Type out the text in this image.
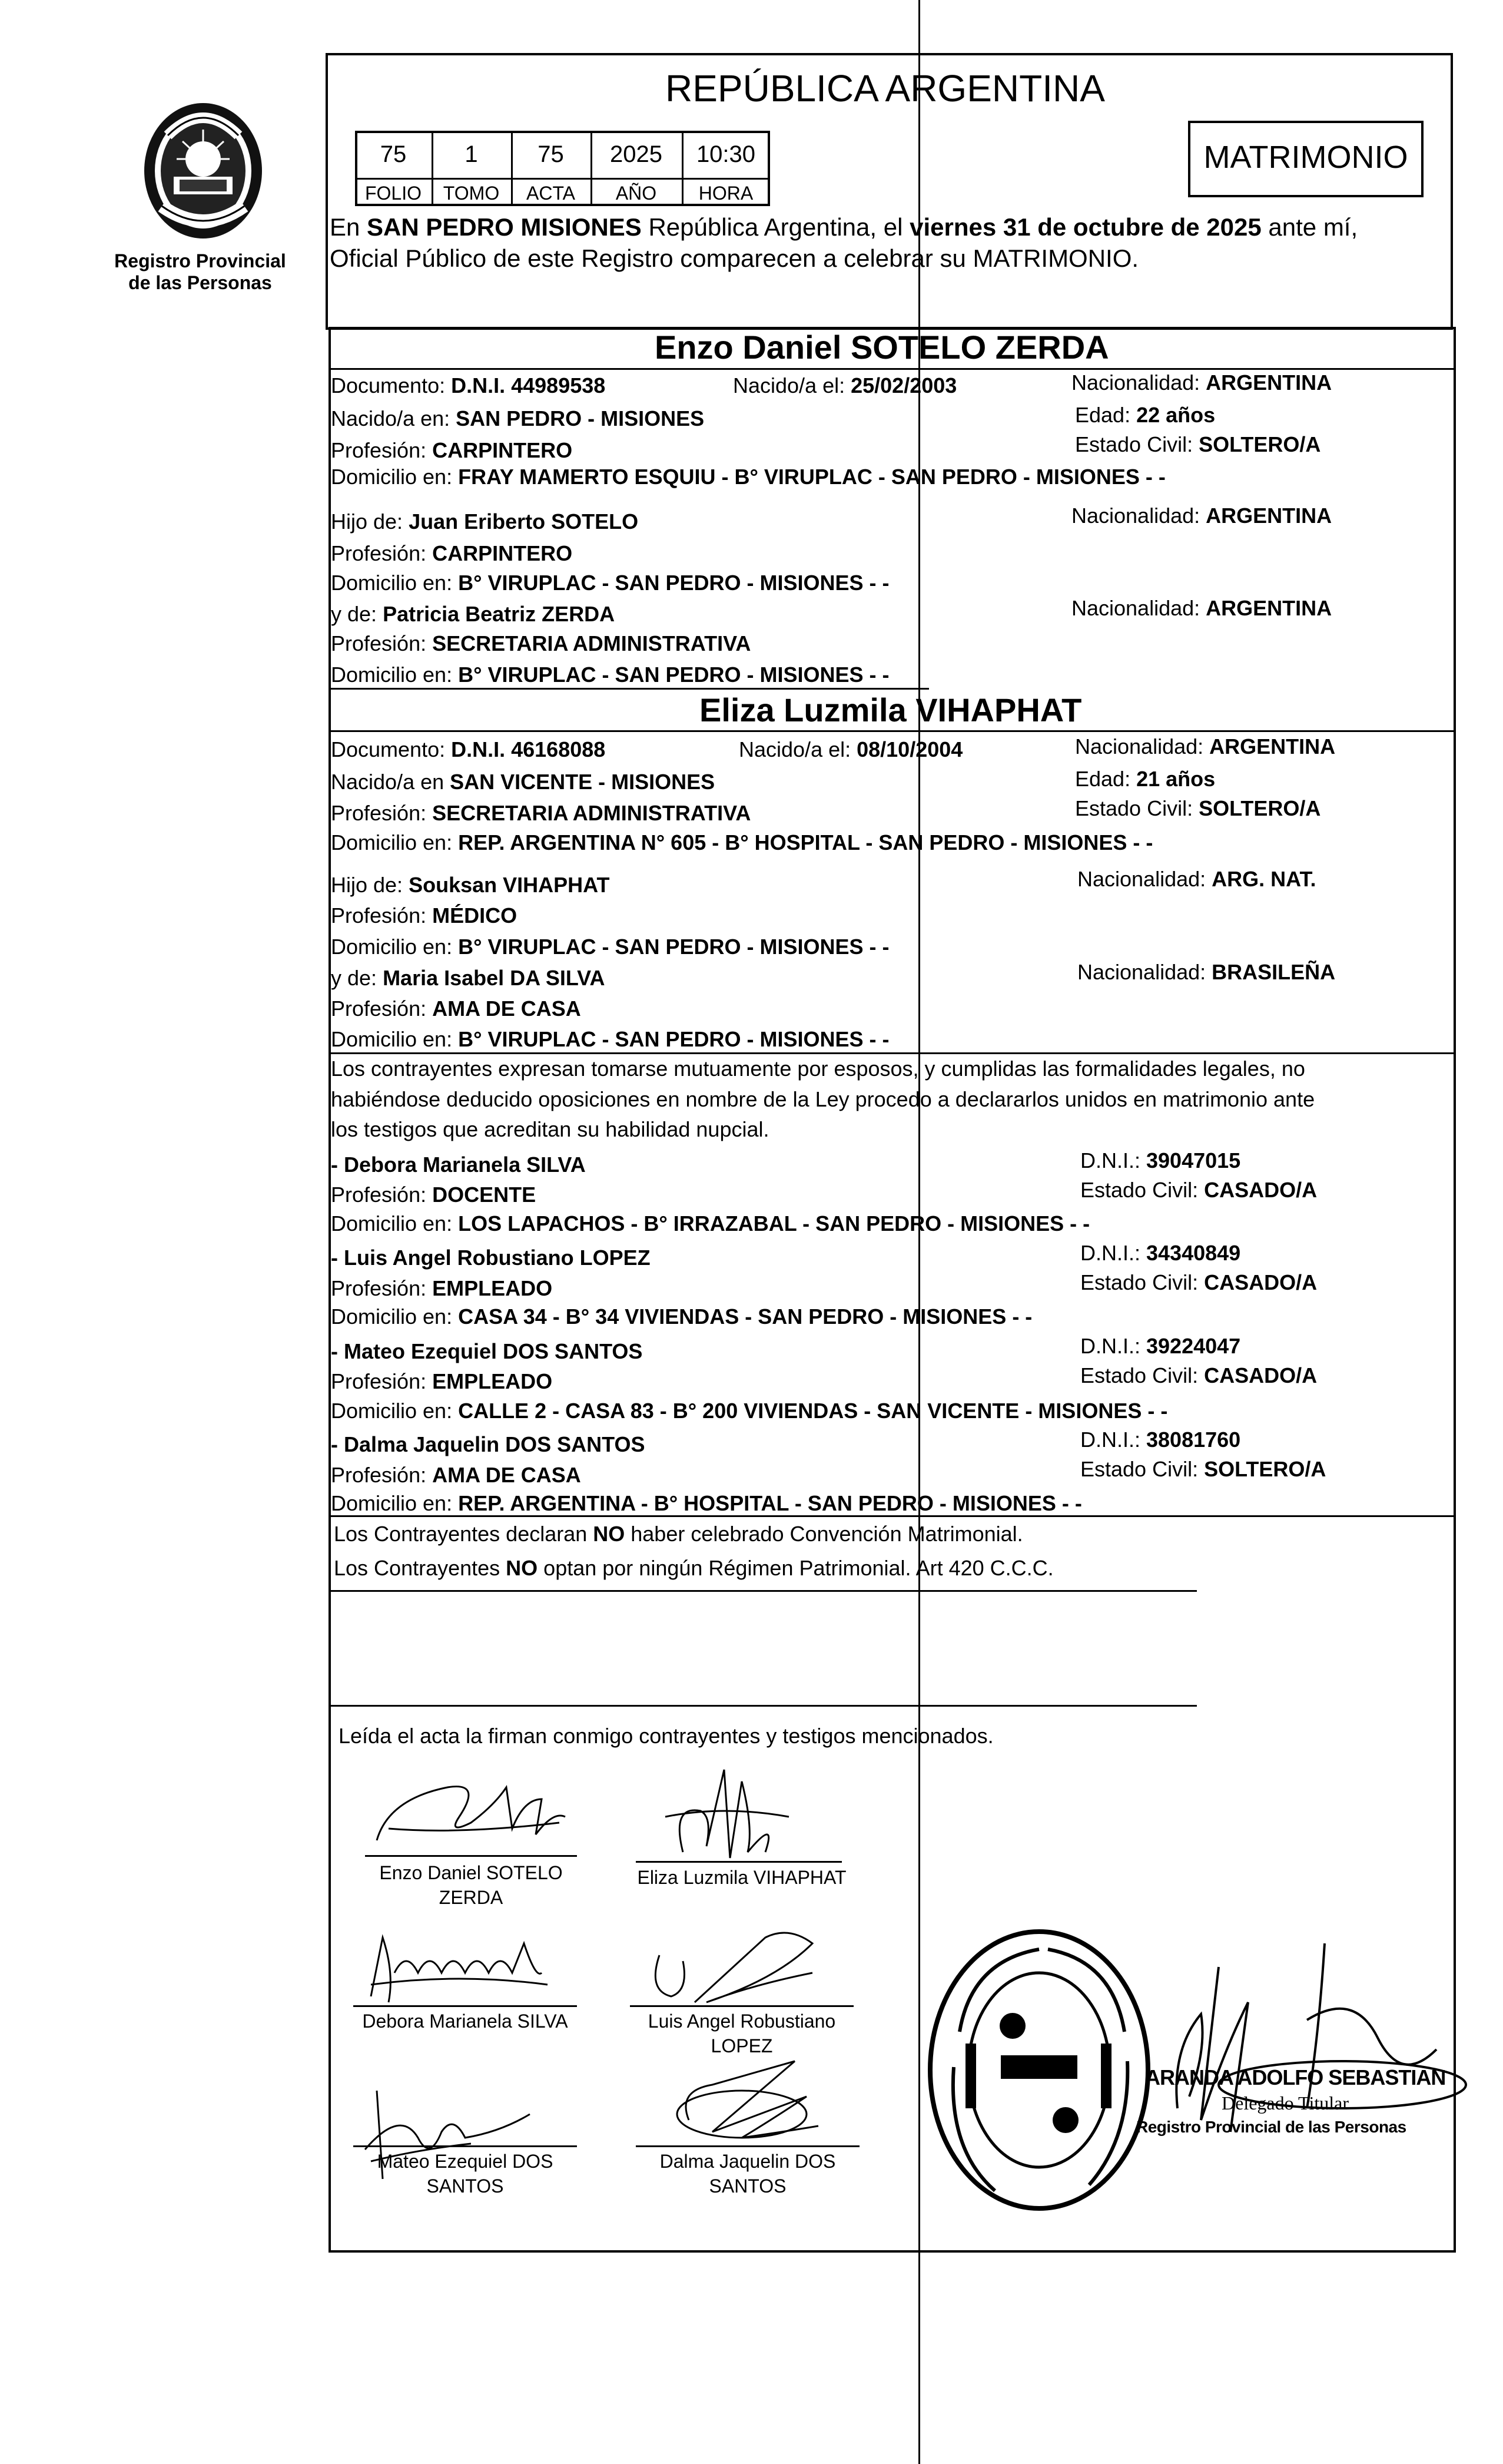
Registro Provincial
de las Personas
REPÚBLICA ARGENTINA
75	1	75	2025	10:30
FOLIO	TOMO	ACTA	AÑO	HORA
MATRIMONIO
En SAN PEDRO MISIONES República Argentina, el viernes 31 de octubre de 2025 ante mí,
Oficial Público de este Registro comparecen a celebrar su MATRIMONIO.
Enzo Daniel SOTELO ZERDA
Documento: D.N.I. 44989538	Nacido/a el: 25/02/2003	Nacionalidad: ARGENTINA
Nacido/a en: SAN PEDRO - MISIONES	Edad: 22 años
Profesión: CARPINTERO	Estado Civil: SOLTERO/A
Domicilio en: FRAY MAMERTO ESQUIU - B° VIRUPLAC - SAN PEDRO - MISIONES - -
Hijo de: Juan Eriberto SOTELO	Nacionalidad: ARGENTINA
Profesión: CARPINTERO
Domicilio en: B° VIRUPLAC - SAN PEDRO - MISIONES - -
y de: Patricia Beatriz ZERDA	Nacionalidad: ARGENTINA
Profesión: SECRETARIA ADMINISTRATIVA
Domicilio en: B° VIRUPLAC - SAN PEDRO - MISIONES - -
Eliza Luzmila VIHAPHAT
Documento: D.N.I. 46168088	Nacido/a el: 08/10/2004	Nacionalidad: ARGENTINA
Nacido/a en SAN VICENTE - MISIONES	Edad: 21 años
Profesión: SECRETARIA ADMINISTRATIVA	Estado Civil: SOLTERO/A
Domicilio en: REP. ARGENTINA N° 605 - B° HOSPITAL - SAN PEDRO - MISIONES - -
Hijo de: Souksan VIHAPHAT	Nacionalidad: ARG. NAT.
Profesión: MÉDICO
Domicilio en: B° VIRUPLAC - SAN PEDRO - MISIONES - -
y de: Maria Isabel DA SILVA	Nacionalidad: BRASILEÑA
Profesión: AMA DE CASA
Domicilio en: B° VIRUPLAC - SAN PEDRO - MISIONES - -
Los contrayentes expresan tomarse mutuamente por esposos, y cumplidas las formalidades legales, no
habiéndose deducido oposiciones en nombre de la Ley procedo a declararlos unidos en matrimonio ante
los testigos que acreditan su habilidad nupcial.
- Debora Marianela SILVA	D.N.I.: 39047015
Profesión: DOCENTE	Estado Civil: CASADO/A
Domicilio en: LOS LAPACHOS - B° IRRAZABAL - SAN PEDRO - MISIONES - -
- Luis Angel Robustiano LOPEZ	D.N.I.: 34340849
Profesión: EMPLEADO	Estado Civil: CASADO/A
Domicilio en: CASA 34 - B° 34 VIVIENDAS - SAN PEDRO - MISIONES - -
- Mateo Ezequiel DOS SANTOS	D.N.I.: 39224047
Profesión: EMPLEADO	Estado Civil: CASADO/A
Domicilio en: CALLE 2 - CASA 83 - B° 200 VIVIENDAS - SAN VICENTE - MISIONES - -
- Dalma Jaquelin DOS SANTOS	D.N.I.: 38081760
Profesión: AMA DE CASA	Estado Civil: SOLTERO/A
Domicilio en: REP. ARGENTINA - B° HOSPITAL - SAN PEDRO - MISIONES - -
Los Contrayentes declaran NO haber celebrado Convención Matrimonial.
Los Contrayentes NO optan por ningún Régimen Patrimonial. Art 420 C.C.C.
Leída el acta la firman conmigo contrayentes y testigos mencionados.
Enzo Daniel SOTELO
ZERDA
Eliza Luzmila VIHAPHAT
Debora Marianela SILVA	Luis Angel Robustiano
LOPEZ
Mateo Ezequiel DOS
SANTOS
Dalma Jaquelin DOS
SANTOS
ARANDA ADOLFO SEBASTIAN
Delegado Titular
Registro Provincial de las Personas
